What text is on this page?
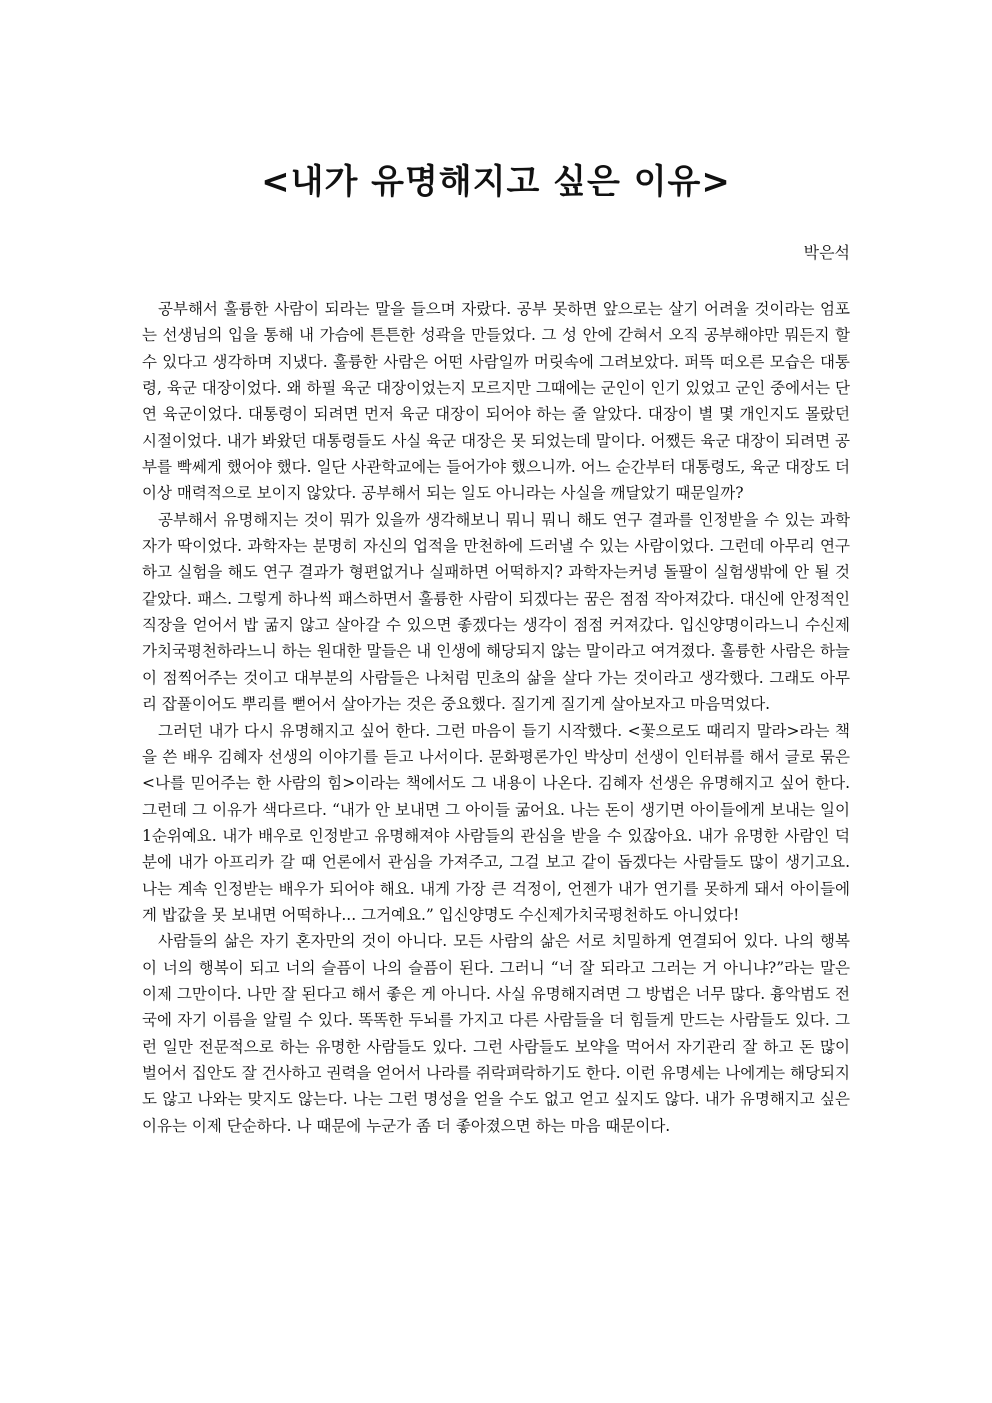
<내가 유명해지고 싶은 이유>

박은석

공부해서 훌륭한 사람이 되라는 말을 들으며 자랐다. 공부 못하면 앞으로는 살기 어려울 것이라는 엄포는 선생님의 입을 통해 내 가슴에 튼튼한 성곽을 만들었다. 그 성 안에 갇혀서 오직 공부해야만 뭐든지 할 수 있다고 생각하며 지냈다. 훌륭한 사람은 어떤 사람일까 머릿속에 그려보았다. 퍼뜩 떠오른 모습은 대통령, 육군 대장이었다. 왜 하필 육군 대장이었는지 모르지만 그때에는 군인이 인기 있었고 군인 중에서는 단연 육군이었다. 대통령이 되려면 먼저 육군 대장이 되어야 하는 줄 알았다. 대장이 별 몇 개인지도 몰랐던 시절이었다. 내가 봐왔던 대통령들도 사실 육군 대장은 못 되었는데 말이다. 어쨌든 육군 대장이 되려면 공부를 빡쎄게 했어야 했다. 일단 사관학교에는 들어가야 했으니까. 어느 순간부터 대통령도, 육군 대장도 더 이상 매력적으로 보이지 않았다. 공부해서 되는 일도 아니라는 사실을 깨달았기 때문일까?

공부해서 유명해지는 것이 뭐가 있을까 생각해보니 뭐니 뭐니 해도 연구 결과를 인정받을 수 있는 과학자가 딱이었다. 과학자는 분명히 자신의 업적을 만천하에 드러낼 수 있는 사람이었다. 그런데 아무리 연구하고 실험을 해도 연구 결과가 형편없거나 실패하면 어떡하지? 과학자는커녕 돌팔이 실험생밖에 안 될 것 같았다. 패스. 그렇게 하나씩 패스하면서 훌륭한 사람이 되겠다는 꿈은 점점 작아져갔다. 대신에 안정적인 직장을 얻어서 밥 굶지 않고 살아갈 수 있으면 좋겠다는 생각이 점점 커져갔다. 입신양명이라느니 수신제가치국평천하라느니 하는 원대한 말들은 내 인생에 해당되지 않는 말이라고 여겨졌다. 훌륭한 사람은 하늘이 점찍어주는 것이고 대부분의 사람들은 나처럼 민초의 삶을 살다 가는 것이라고 생각했다. 그래도 아무리 잡풀이어도 뿌리를 뻗어서 살아가는 것은 중요했다. 질기게 질기게 살아보자고 마음먹었다.

그러던 내가 다시 유명해지고 싶어 한다. 그런 마음이 들기 시작했다. <꽃으로도 때리지 말라>라는 책을 쓴 배우 김혜자 선생의 이야기를 듣고 나서이다. 문화평론가인 박상미 선생이 인터뷰를 해서 글로 묶은 <나를 믿어주는 한 사람의 힘>이라는 책에서도 그 내용이 나온다. 김혜자 선생은 유명해지고 싶어 한다. 그런데 그 이유가 색다르다. “내가 안 보내면 그 아이들 굶어요. 나는 돈이 생기면 아이들에게 보내는 일이 1순위예요. 내가 배우로 인정받고 유명해져야 사람들의 관심을 받을 수 있잖아요. 내가 유명한 사람인 덕분에 내가 아프리카 갈 때 언론에서 관심을 가져주고, 그걸 보고 같이 돕겠다는 사람들도 많이 생기고요. 나는 계속 인정받는 배우가 되어야 해요. 내게 가장 큰 걱정이, 언젠가 내가 연기를 못하게 돼서 아이들에게 밥값을 못 보내면 어떡하나... 그거예요.” 입신양명도 수신제가치국평천하도 아니었다!

사람들의 삶은 자기 혼자만의 것이 아니다. 모든 사람의 삶은 서로 치밀하게 연결되어 있다. 나의 행복이 너의 행복이 되고 너의 슬픔이 나의 슬픔이 된다. 그러니 “너 잘 되라고 그러는 거 아니냐?”라는 말은 이제 그만이다. 나만 잘 된다고 해서 좋은 게 아니다. 사실 유명해지려면 그 방법은 너무 많다. 흉악범도 전국에 자기 이름을 알릴 수 있다. 똑똑한 두뇌를 가지고 다른 사람들을 더 힘들게 만드는 사람들도 있다. 그런 일만 전문적으로 하는 유명한 사람들도 있다. 그런 사람들도 보약을 먹어서 자기관리 잘 하고 돈 많이 벌어서 집안도 잘 건사하고 권력을 얻어서 나라를 쥐락펴락하기도 한다. 이런 유명세는 나에게는 해당되지도 않고 나와는 맞지도 않는다. 나는 그런 명성을 얻을 수도 없고 얻고 싶지도 않다. 내가 유명해지고 싶은 이유는 이제 단순하다. 나 때문에 누군가 좀 더 좋아졌으면 하는 마음 때문이다.
